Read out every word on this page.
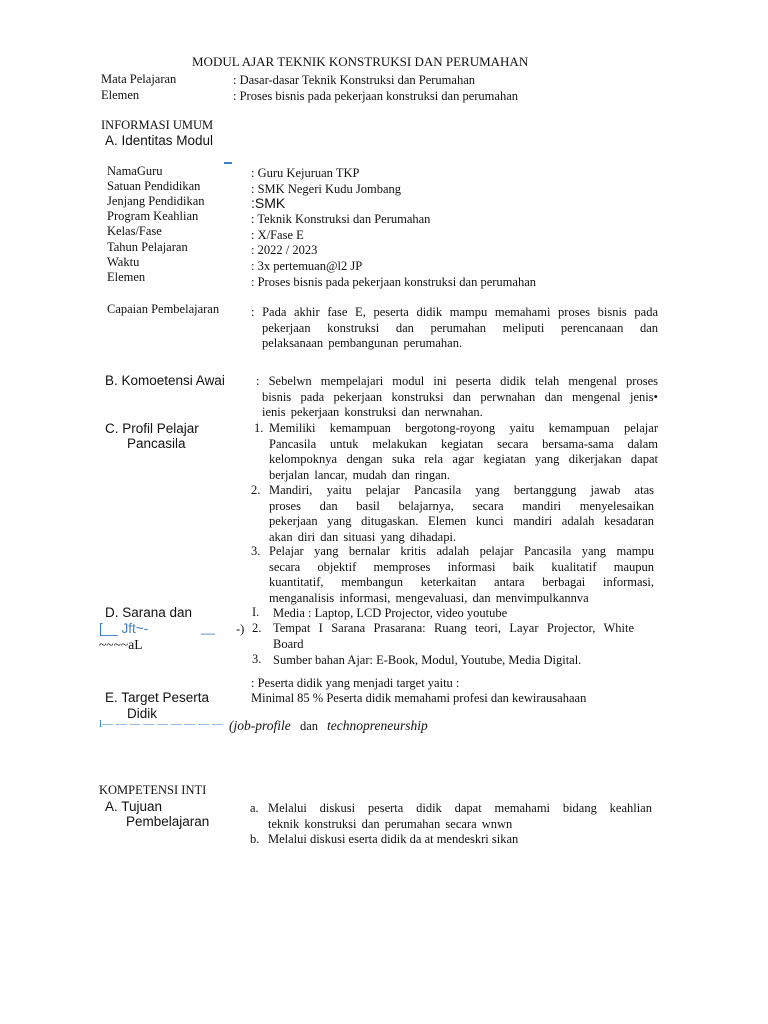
MODUL AJAR TEKNIK KONSTRUKSI DAN PERUMAHAN
Mata Pelajaran	: Dasar-dasar Teknik Konstruksi dan Perumahan
Elemen	: Proses bisnis pada pekerjaan konstruksi dan perumahan
INFORMASI UMUM
A. Identitas Modul
NamaGuru	: Guru Kejuruan TKP
Satuan Pendidikan	: SMK Negeri Kudu Jombang
Jenjang Pendidikan	:SMK
Program Keahlian	: Teknik Konstruksi dan Perumahan
Kelas/Fase	: X/Fase E
Tahun Pelajaran	: 2022 / 2023
Waktu	: 3x pertemuan@l2 JP
Elemen	: Proses bisnis pada pekerjaan konstruksi dan perumahan
Capaian Pembelajaran	: Pada akhir fase E, peserta didik mampu memahami proses bisnis pada
pekerjaan konstruksi dan perumahan meliputi perencanaan dan
pelaksanaan pembangunan perumahan.
B. Komoetensi Awai : Sebelwn mempelajari modul ini peserta didik telah mengenal proses
bisnis pada pekerjaan konstruksi dan perwnahan dan mengenal jenis•
ienis pekerjaan konstruksi dan nerwnahan.
C. Profil Pelajar
Pancasila
1. Memiliki kemampuan bergotong-royong yaitu kemampuan pelajar
Pancasila untuk melakukan kegiatan secara bersama-sama dalam
kelompoknya dengan suka rela agar kegiatan yang dikerjakan dapat
berjalan lancar, mudah dan ringan.
2. Mandiri, yaitu pelajar Pancasila yang bertanggung jawab atas
proses dan basil belajarnya, secara mandiri menyelesaikan
pekerjaan yang ditugaskan. Elemen kunci mandiri adalah kesadaran
akan diri dan situasi yang dihadapi.
3. Pelajar yang bernalar kritis adalah pelajar Pancasila yang mampu
secara objektif memproses informasi baik kualitatif maupun
kuantitatif, membangun keterkaitan antara berbagai informasi,
menganalisis informasi, mengevaluasi, dan menvimpulkannva
D. Sarana dan
[__ Jft~-	__ -)
~~~~aL
I. Media : Laptop, LCD Projector, video youtube
2. Tempat I Sarana Prasarana: Ruang teori, Layar Projector, White
Board
3. Sumber bahan Ajar: E-Book, Modul, Youtube, Media Digital.
: Peserta didik yang menjadi target yaitu :
E. Target Peserta	Minimal 85 % Peserta didik memahami profesi dan kewirausahaan
Didik
l— — — — — — — — — (job-profile dan technopreneurship
KOMPETENSI INTI
A. Tujuan
Pembelajaran
a. Melalui diskusi peserta didik dapat memahami bidang keahlian
teknik konstruksi dan perumahan secara wnwn
b. Melalui diskusi eserta didik da at mendeskri sikan
